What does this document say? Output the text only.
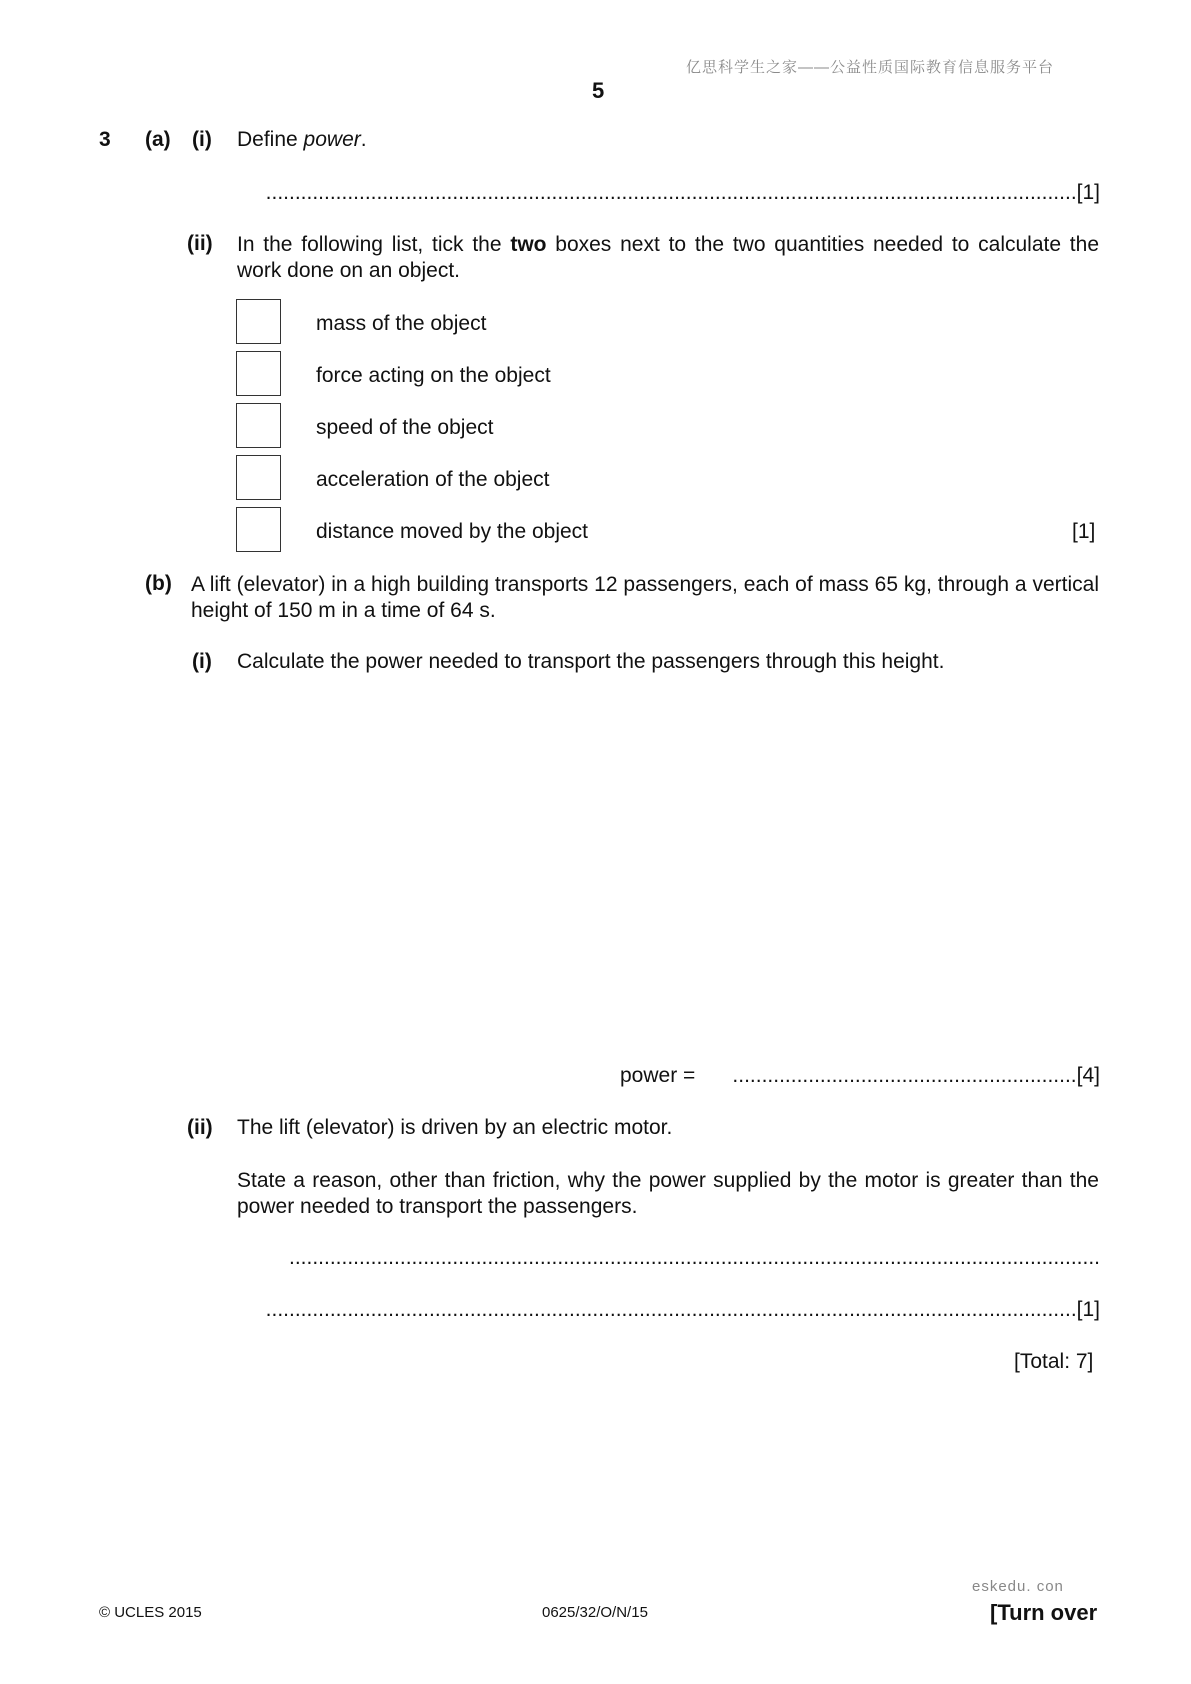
亿思科学生之家——公益性质国际教育信息服务平台
5
3 (a) (i) Define power.
...........................................................................................................................................[1]
(ii) In the following list, tick the two boxes next to the two quantities needed to calculate the work done on an object.
mass of the object
force acting on the object
speed of the object
acceleration of the object
distance moved by the object	[1]
(b) A lift (elevator) in a high building transports 12 passengers, each of mass 65 kg, through a vertical height of 150 m in a time of 64 s.
(i) Calculate the power needed to transport the passengers through this height.
power =	...........................................................[4]
(ii) The lift (elevator) is driven by an electric motor.
State a reason, other than friction, why the power supplied by the motor is greater than the power needed to transport the passengers.
...........................................................................................................................................
...........................................................................................................................................[1]
[Total: 7]
eskedu. con
© UCLES 2015	0625/32/O/N/15	[Turn over
